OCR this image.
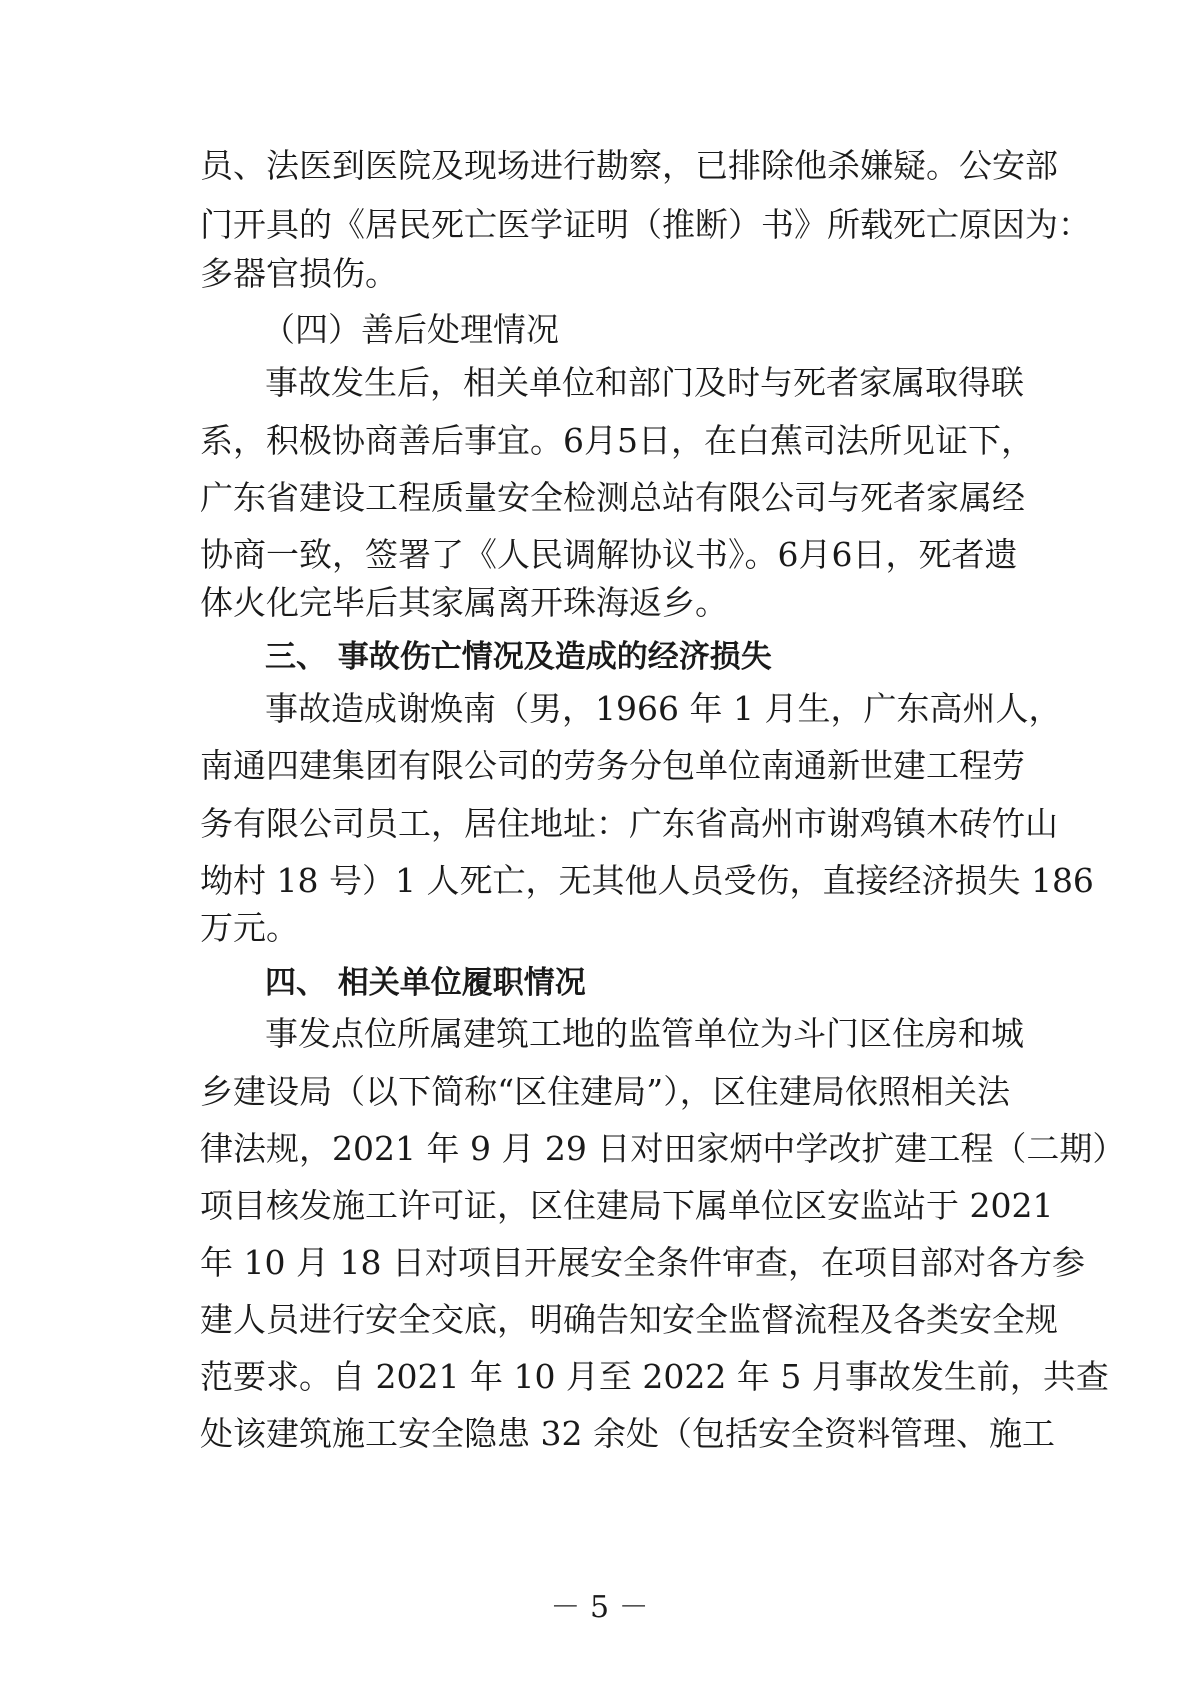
员、法医到医院及现场进行勘察，已排除他杀嫌疑。公安部
门开具的《居民死亡医学证明（推断）书》所载死亡原因为：
多器官损伤。
（四）善后处理情况
事故发生后，相关单位和部门及时与死者家属取得联
系，积极协商善后事宜。6月5日，在白蕉司法所见证下，
广东省建设工程质量安全检测总站有限公司与死者家属经
协商一致，签署了《人民调解协议书》。6月6日，死者遗
体火化完毕后其家属离开珠海返乡。
三、 事故伤亡情况及造成的经济损失
事故造成谢焕南（男，1966 年 1 月生，广东高州人，
南通四建集团有限公司的劳务分包单位南通新世建工程劳
务有限公司员工，居住地址：广东省高州市谢鸡镇木砖竹山
坳村 18 号）1 人死亡，无其他人员受伤，直接经济损失 186
万元。
四、 相关单位履职情况
事发点位所属建筑工地的监管单位为斗门区住房和城
乡建设局（以下简称“区住建局”），区住建局依照相关法
律法规，2021 年 9 月 29 日对田家炳中学改扩建工程（二期）
项目核发施工许可证，区住建局下属单位区安监站于 2021
年 10 月 18 日对项目开展安全条件审查，在项目部对各方参
建人员进行安全交底，明确告知安全监督流程及各类安全规
范要求。自 2021 年 10 月至 2022 年 5 月事故发生前，共查
处该建筑施工安全隐患 32 余处（包括安全资料管理、施工
－ 5 －
